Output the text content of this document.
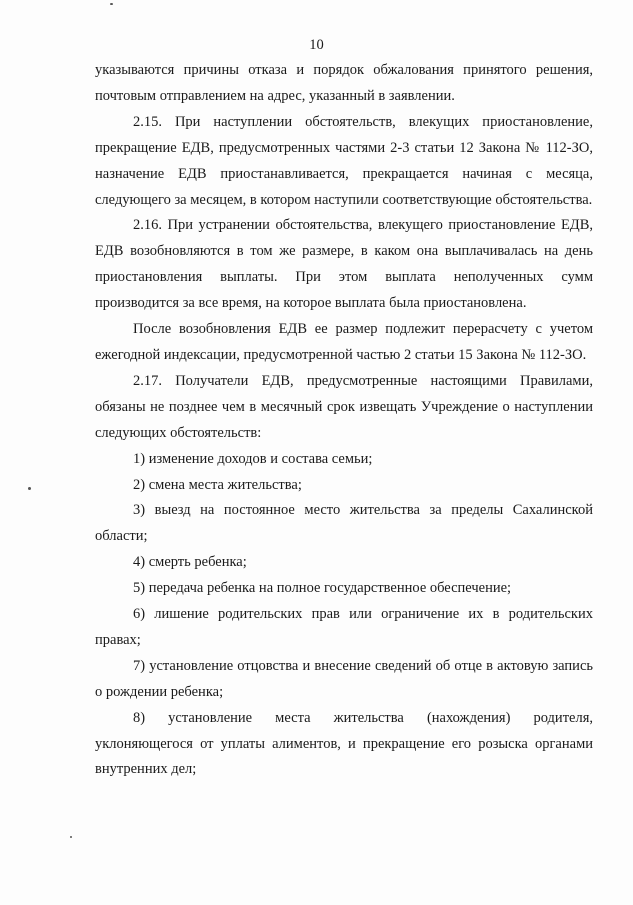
10

указываются причины отказа и порядок обжалования принятого решения, почтовым отправлением на адрес, указанный в заявлении.

2.15. При наступлении обстоятельств, влекущих приостановление, прекращение ЕДВ, предусмотренных частями 2-3 статьи 12 Закона № 112-ЗО, назначение ЕДВ приостанавливается, прекращается начиная с месяца, следующего за месяцем, в котором наступили соответствующие обстоятельства.

2.16. При устранении обстоятельства, влекущего приостановление ЕДВ, ЕДВ возобновляются в том же размере, в каком она выплачивалась на день приостановления выплаты. При этом выплата неполученных сумм производится за все время, на которое выплата была приостановлена.

После возобновления ЕДВ ее размер подлежит перерасчету с учетом ежегодной индексации, предусмотренной частью 2 статьи 15 Закона № 112-ЗО.

2.17. Получатели ЕДВ, предусмотренные настоящими Правилами, обязаны не позднее чем в месячный срок извещать Учреждение о наступлении следующих обстоятельств:

1) изменение доходов и состава семьи;

2) смена места жительства;

3) выезд на постоянное место жительства за пределы Сахалинской области;

4) смерть ребенка;

5) передача ребенка на полное государственное обеспечение;

6) лишение родительских прав или ограничение их в родительских правах;

7) установление отцовства и внесение сведений об отце в актовую запись о рождении ребенка;

8) установление места жительства (нахождения) родителя, уклоняющегося от уплаты алиментов, и прекращение его розыска органами внутренних дел;
